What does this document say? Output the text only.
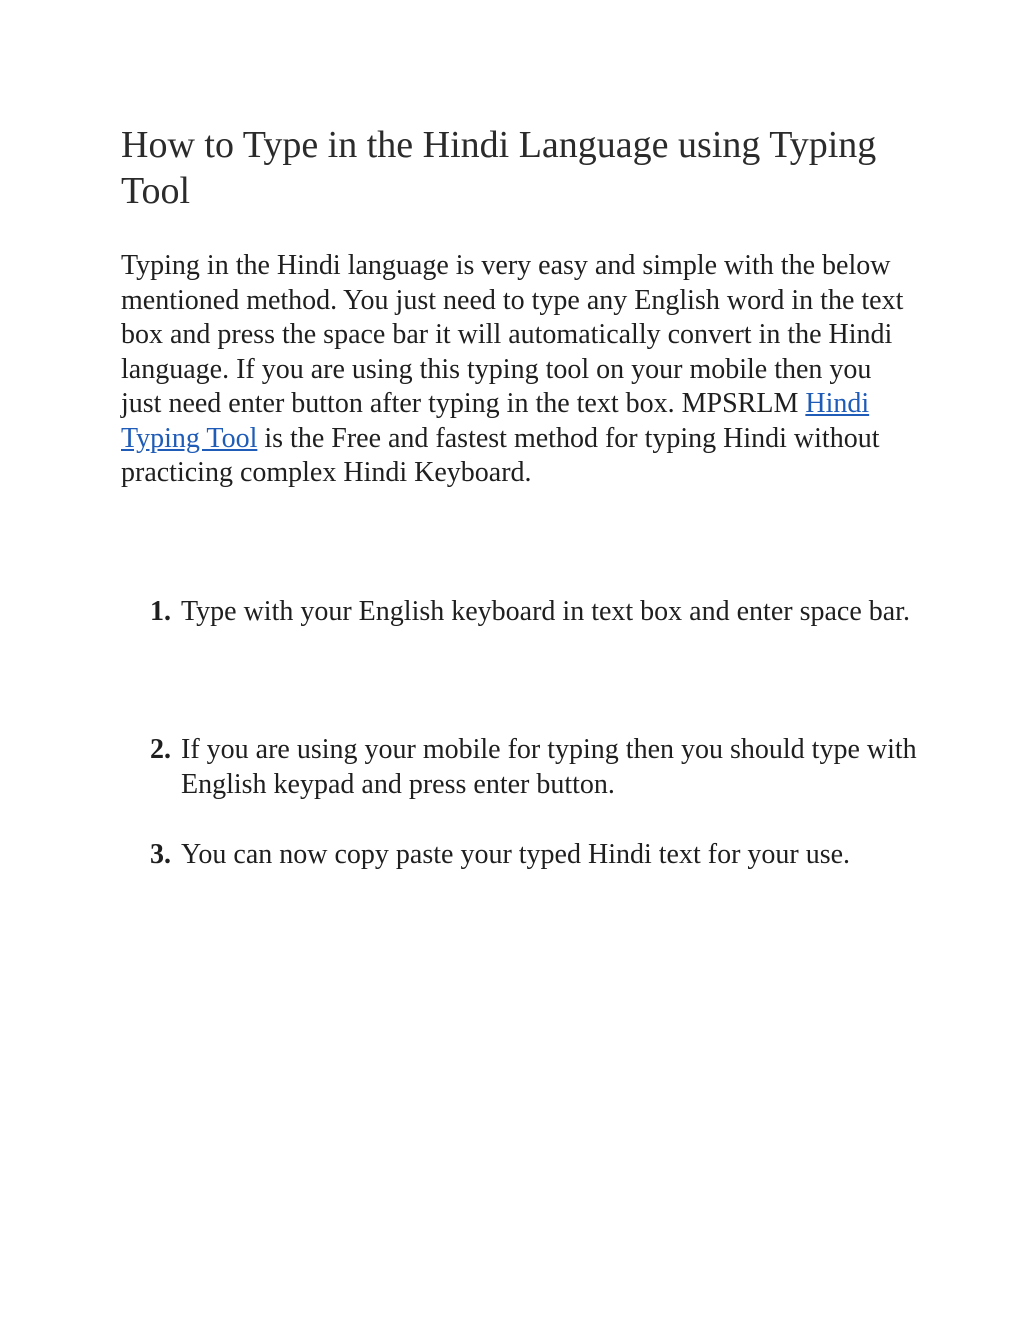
How to Type in the Hindi Language using Typing Tool

Typing in the Hindi language is very easy and simple with the below mentioned method. You just need to type any English word in the text box and press the space bar it will automatically convert in the Hindi language. If you are using this typing tool on your mobile then you just need enter button after typing in the text box. MPSRLM Hindi Typing Tool is the Free and fastest method for typing Hindi without practicing complex Hindi Keyboard.

1. Type with your English keyboard in text box and enter space bar.
2. If you are using your mobile for typing then you should type with English keypad and press enter button.
3. You can now copy paste your typed Hindi text for your use.
